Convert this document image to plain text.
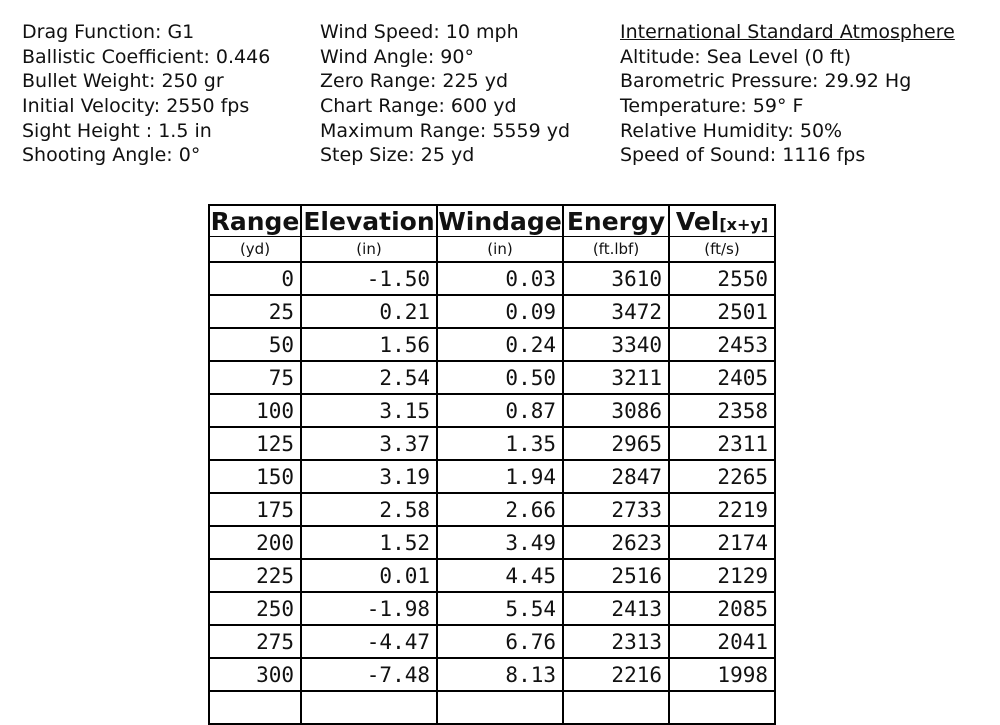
Drag Function: G1
Ballistic Coefficient: 0.446
Bullet Weight: 250 gr
Initial Velocity: 2550 fps
Sight Height : 1.5 in
Shooting Angle: 0°
Wind Speed: 10 mph
Wind Angle: 90°
Zero Range: 225 yd
Chart Range: 600 yd
Maximum Range: 5559 yd
Step Size: 25 yd
International Standard Atmosphere
Altitude: Sea Level (0 ft)
Barometric Pressure: 29.92 Hg
Temperature: 59° F
Relative Humidity: 50%
Speed of Sound: 1116 fps
Range	Elevation	Windage	Energy	Vel[x+y]
(yd)	(in)	(in)	(ft.lbf)	(ft/s)
0	-1.50	0.03	3610	2550
25	0.21	0.09	3472	2501
50	1.56	0.24	3340	2453
75	2.54	0.50	3211	2405
100	3.15	0.87	3086	2358
125	3.37	1.35	2965	2311
150	3.19	1.94	2847	2265
175	2.58	2.66	2733	2219
200	1.52	3.49	2623	2174
225	0.01	4.45	2516	2129
250	-1.98	5.54	2413	2085
275	-4.47	6.76	2313	2041
300	-7.48	8.13	2216	1998
